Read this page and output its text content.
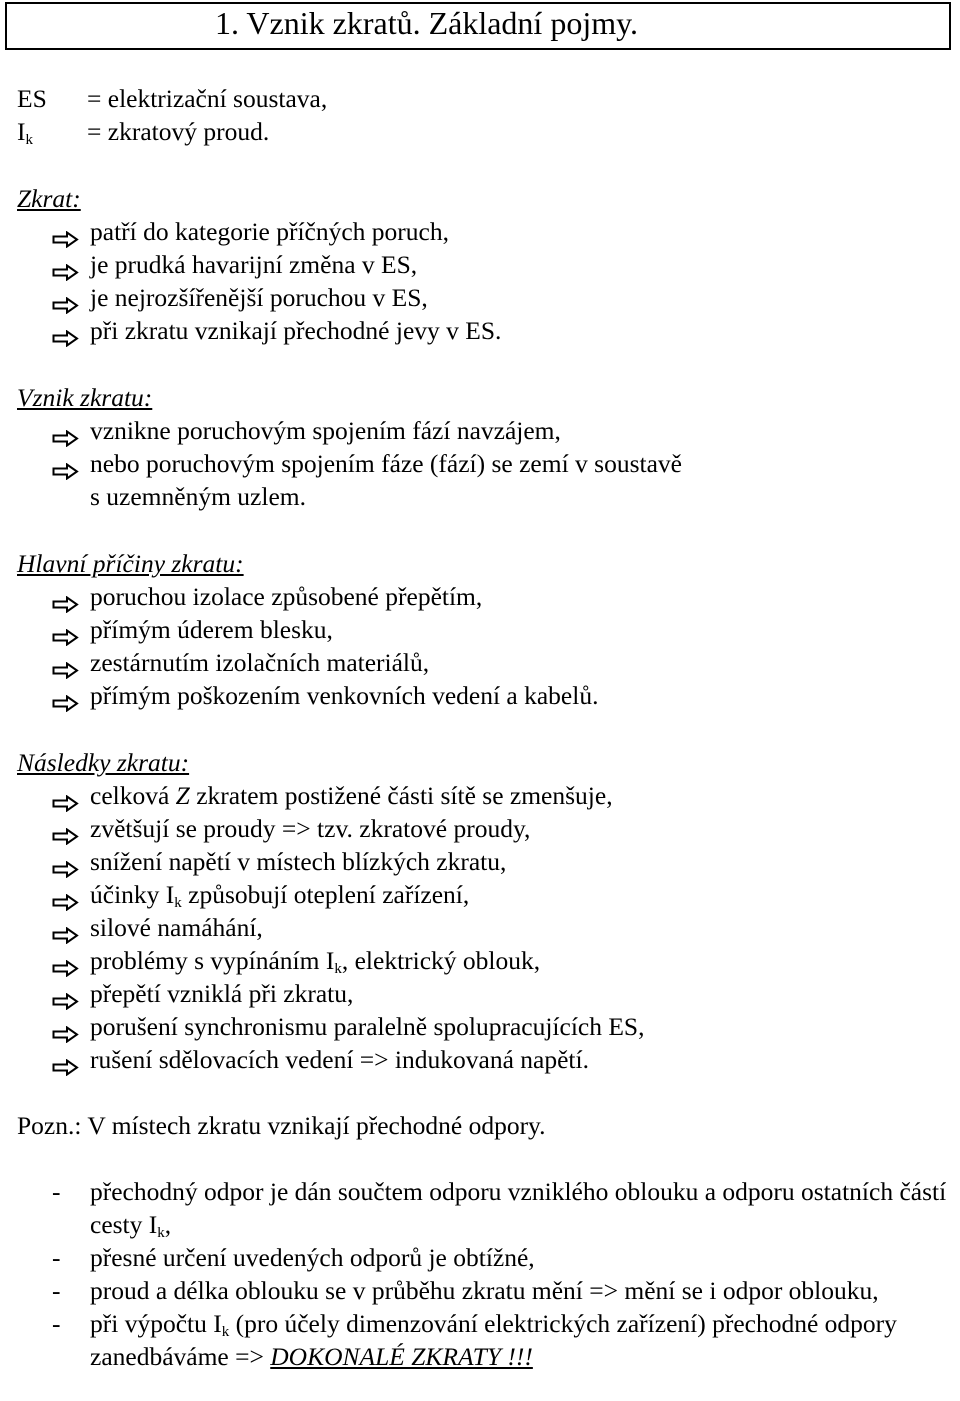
1. Vznik zkratů. Základní pojmy.
ES = elektrizační soustava,
$I_k$ = zkratový proud.
Zkrat:
patří do kategorie příčných poruch,
je prudká havarijní změna v ES,
je nejrozšířenější poruchou v ES,
při zkratu vznikají přechodné jevy v ES.
Vznik zkratu:
vznikne poruchovým spojením fází navzájem,
nebo poruchovým spojením fáze (fází) se zemí v soustavě
s uzemněným uzlem.
Hlavní příčiny zkratu:
poruchou izolace způsobené přepětím,
přímým úderem blesku,
zestárnutím izolačních materiálů,
přímým poškozením venkovních vedení a kabelů.
Následky zkratu:
celková Z zkratem postižené části sítě se zmenšuje,
zvětšují se proudy => tzv. zkratové proudy,
snížení napětí v místech blízkých zkratu,
účinky $I_k$ způsobují oteplení zařízení,
silové namáhání,
problémy s vypínáním $I_k$, elektrický oblouk,
přepětí vzniklá při zkratu,
porušení synchronismu paralelně spolupracujících ES,
rušení sdělovacích vedení => indukovaná napětí.
Pozn.: V místech zkratu vznikají přechodné odpory.
- přechodný odpor je dán součtem odporu vzniklého oblouku a odporu ostatních částí cesty $I_k$,
- přesné určení uvedených odporů je obtížné,
- proud a délka oblouku se v průběhu zkratu mění => mění se i odpor oblouku,
- při výpočtu $I_k$ (pro účely dimenzování elektrických zařízení) přechodné odpory zanedbáváme => DOKONALÉ ZKRATY !!!
